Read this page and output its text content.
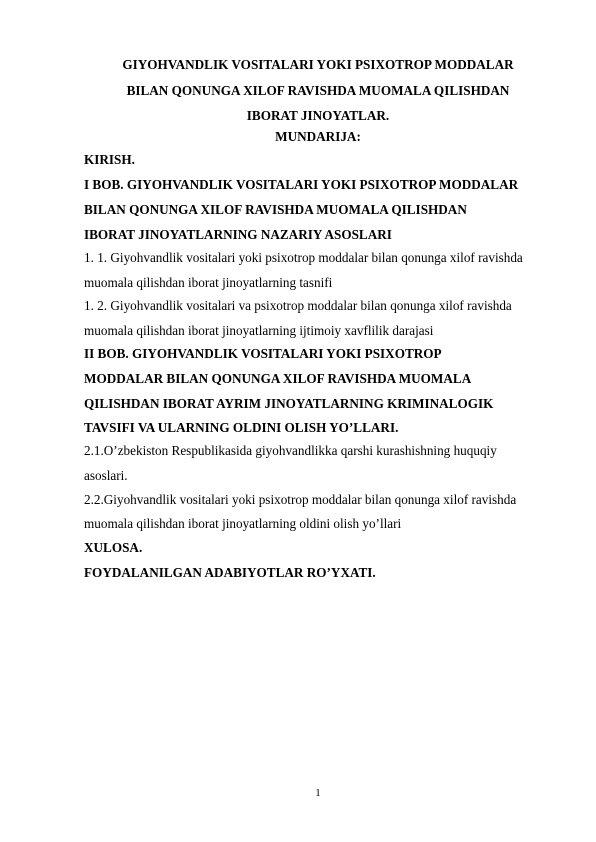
GIYOHVANDLIK VOSITALARI YOKI PSIXOTROP MODDALAR
BILAN QONUNGA XILOF RAVISHDA MUOMALA QILISHDAN
IBORAT JINOYATLAR.
MUNDARIJA:
KIRISH.
I BOB. GIYOHVANDLIK VOSITALARI YOKI PSIXOTROP MODDALAR
BILAN QONUNGA XILOF RAVISHDA MUOMALA QILISHDAN
IBORAT JINOYATLARNING NAZARIY ASOSLARI
1. 1. Giyohvandlik vositalari yoki psixotrop moddalar bilan qonunga xilof ravishda
muomala qilishdan iborat jinoyatlarning tasnifi
1. 2. Giyohvandlik vositalari va psixotrop moddalar bilan qonunga xilof ravishda
muomala qilishdan iborat jinoyatlarning ijtimoiy xavflilik darajasi
II BOB. GIYOHVANDLIK VOSITALARI YOKI PSIXOTROP
MODDALAR BILAN QONUNGA XILOF RAVISHDA MUOMALA
QILISHDAN IBORAT AYRIM JINOYATLARNING KRIMINALOGIK
TAVSIFI VA ULARNING OLDINI OLISH YO’LLARI.
2.1.O’zbekiston Respublikasida giyohvandlikka qarshi kurashishning huquqiy
asoslari.
2.2.Giyohvandlik vositalari yoki psixotrop moddalar bilan qonunga xilof ravishda
muomala qilishdan iborat jinoyatlarning oldini olish yo’llari
XULOSA.
FOYDALANILGAN ADABIYOTLAR RO’YXATI.
1
